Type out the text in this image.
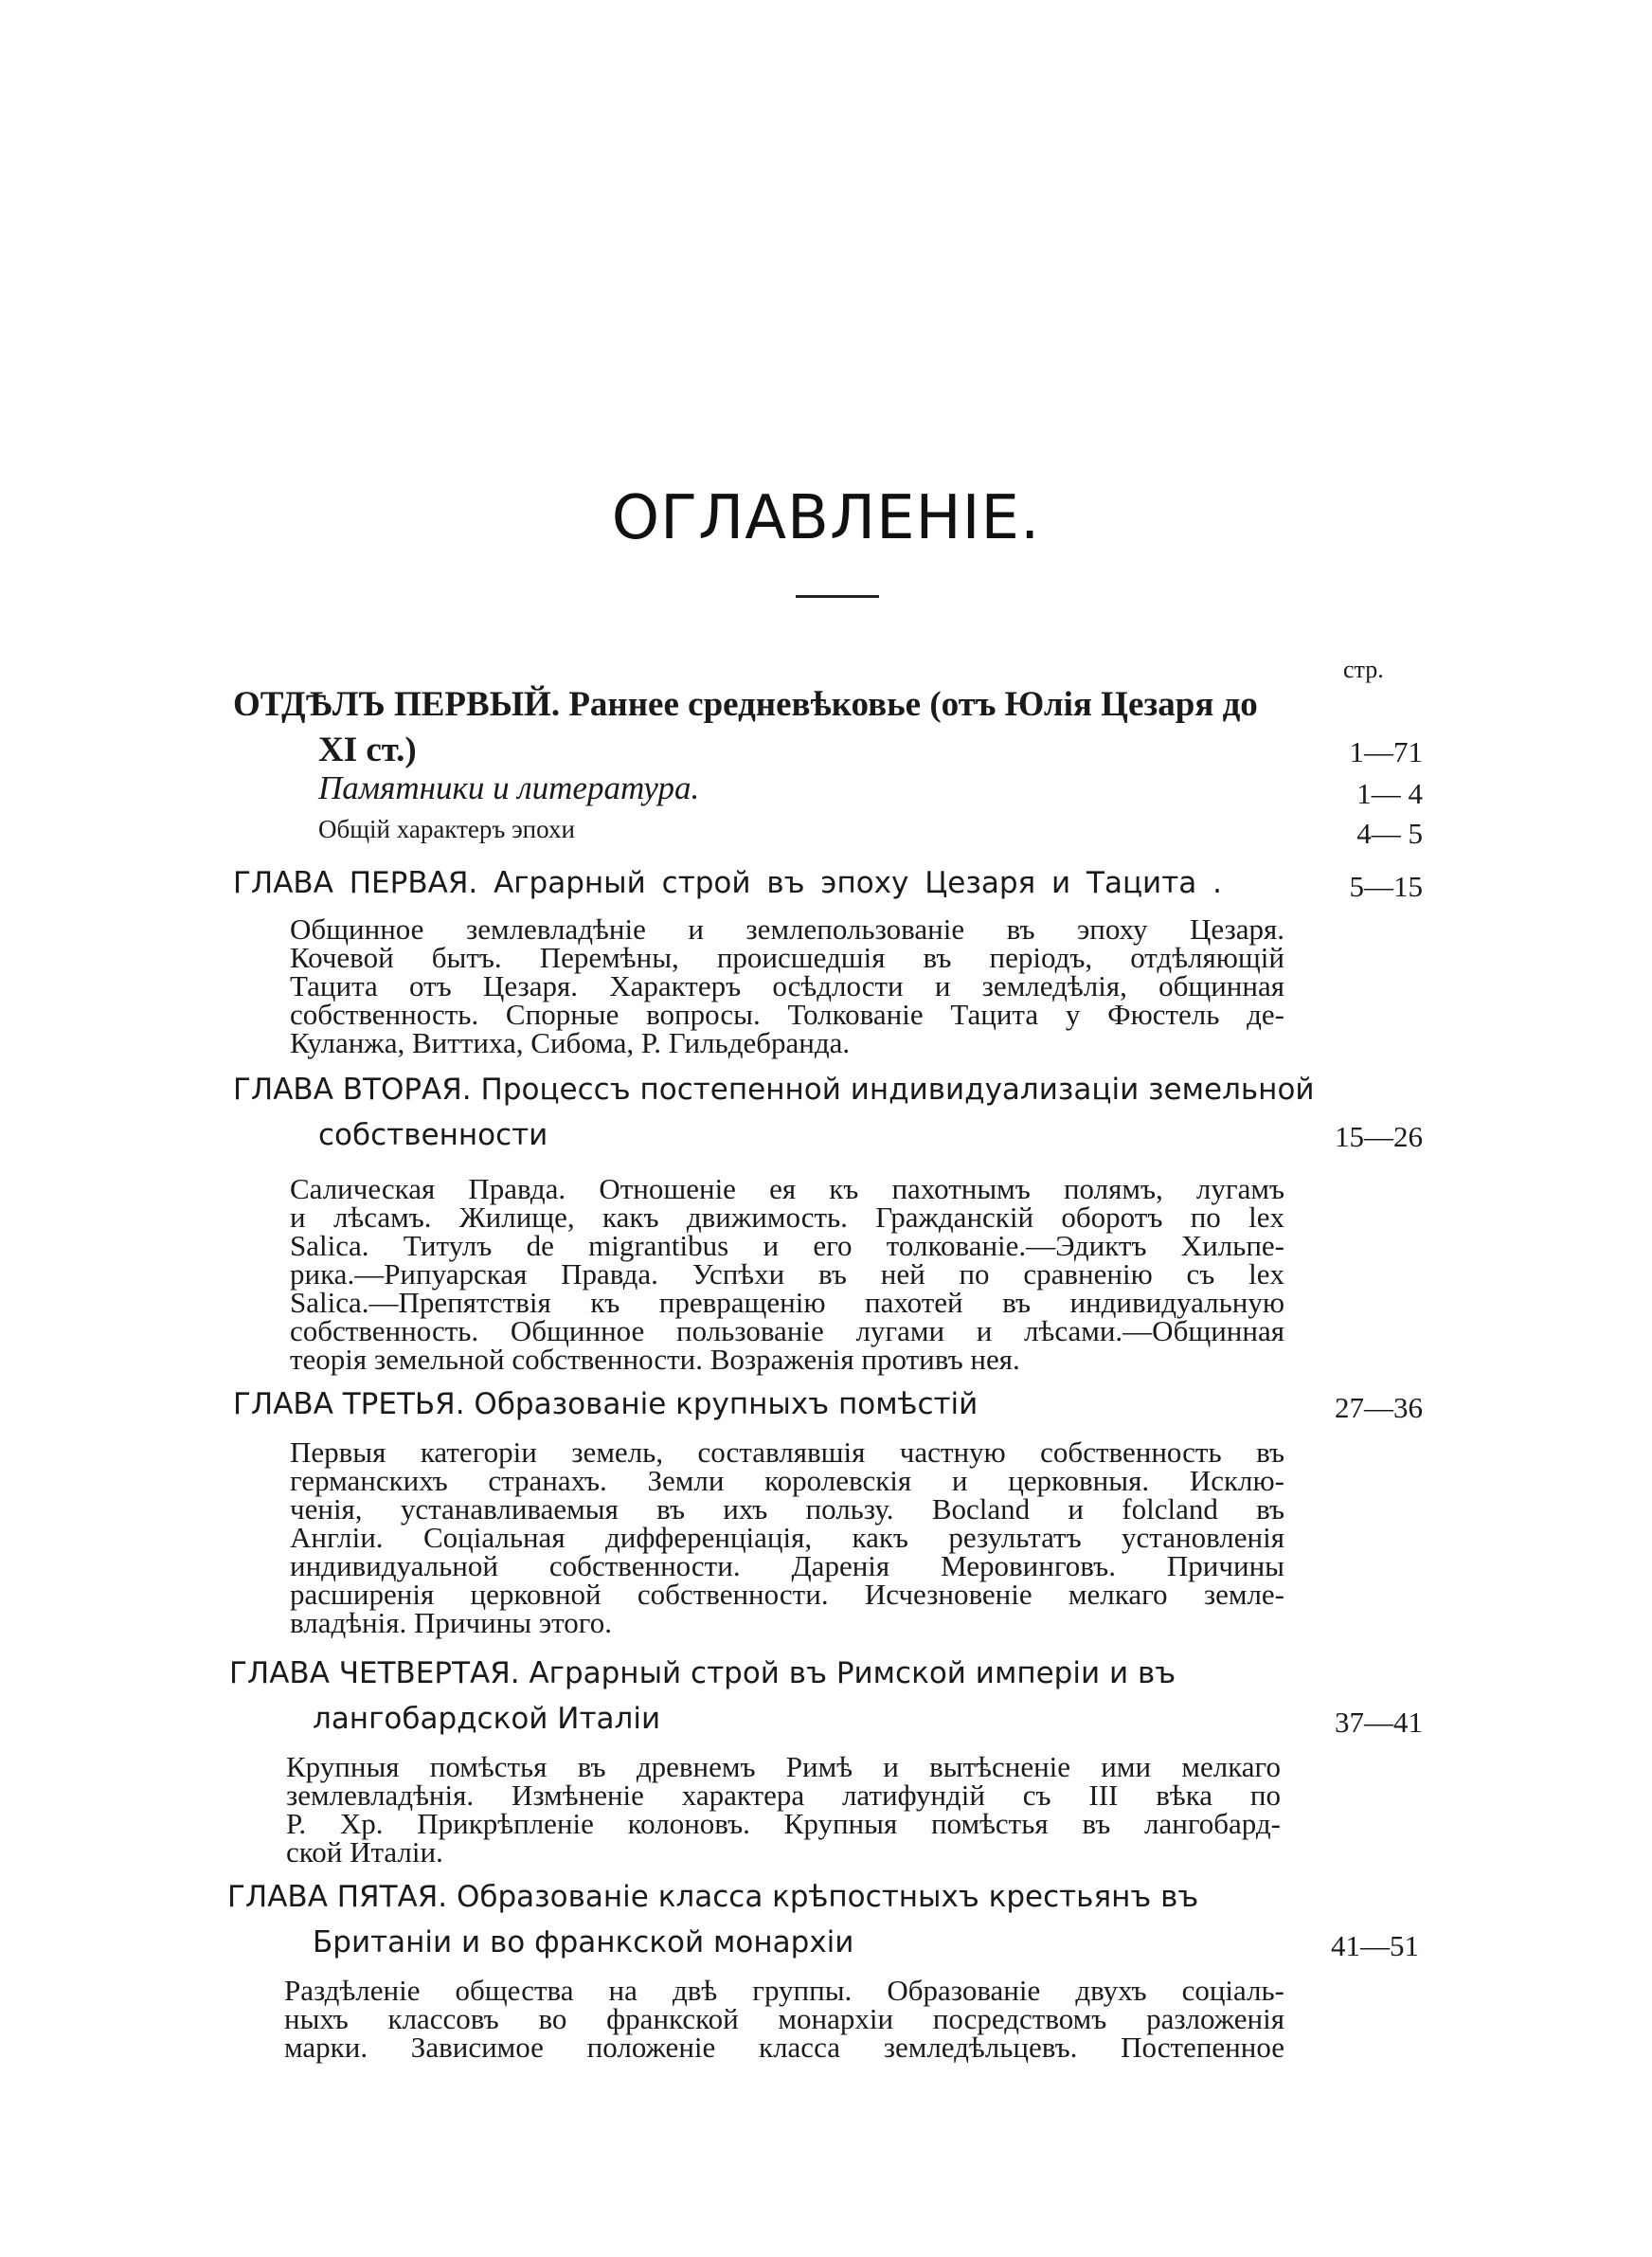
ОГЛАВЛЕНІЕ.
стр.
ОТДѢЛЪ ПЕРВЫЙ. Раннее средневѣковье (отъ Юлія Цезаря до
XI ст.)	1—71
Памятники и литература.	1— 4
Общій характеръ эпохи	4— 5
ГЛАВА ПЕРВАЯ. Аграрный строй въ эпоху Цезаря и Тацита .	5—15
Общинное землевладѣніе и землепользованіе въ эпоху Цезаря.
Кочевой бытъ. Перемѣны, происшедшія въ періодъ, отдѣляющій
Тацита отъ Цезаря. Характеръ осѣдлости и земледѣлія, общинная
собственность. Спорные вопросы. Толкованіе Тацита у Фюстель де-
Куланжа, Виттиха, Сибома, Р. Гильдебранда.
ГЛАВА ВТОРАЯ. Процессъ постепенной индивидуализаціи земельной
собственности	15—26
Салическая Правда. Отношеніе ея къ пахотнымъ полямъ, лугамъ
и лѣсамъ. Жилище, какъ движимость. Гражданскій оборотъ по lex
Salica. Титулъ de migrantibus и его толкованіе.—Эдиктъ Хильпе-
рика.—Рипуарская Правда. Успѣхи въ ней по сравненію съ lex
Salica.—Препятствія къ превращенію пахотей въ индивидуальную
собственность. Общинное пользованіе лугами и лѣсами.—Общинная
теорія земельной собственности. Возраженія противъ нея.
ГЛАВА ТРЕТЬЯ. Образованіе крупныхъ помѣстій	27—36
Первыя категоріи земель, составлявшія частную собственность въ
германскихъ странахъ. Земли королевскія и церковныя. Исклю-
ченія, устанавливаемыя въ ихъ пользу. Bocland и folcland въ
Англіи. Соціальная дифференціація, какъ результатъ установленія
индивидуальной собственности. Даренія Меровинговъ. Причины
расширенія церковной собственности. Исчезновеніе мелкаго земле-
владѣнія. Причины этого.
ГЛАВА ЧЕТВЕРТАЯ. Аграрный строй въ Римской имперіи и въ
лангобардской Италіи	37—41
Крупныя помѣстья въ древнемъ Римѣ и вытѣсненіе ими мелкаго
землевладѣнія. Измѣненіе характера латифундій съ III вѣка по
Р. Хр. Прикрѣпленіе колоновъ. Крупныя помѣстья въ лангобард-
ской Италіи.
ГЛАВА ПЯТАЯ. Образованіе класса крѣпостныхъ крестьянъ въ
Британіи и во франкской монархіи	41—51
Раздѣленіе общества на двѣ группы. Образованіе двухъ соціаль-
ныхъ классовъ во франкской монархіи посредствомъ разложенія
марки. Зависимое положеніе класса земледѣльцевъ. Постепенное
